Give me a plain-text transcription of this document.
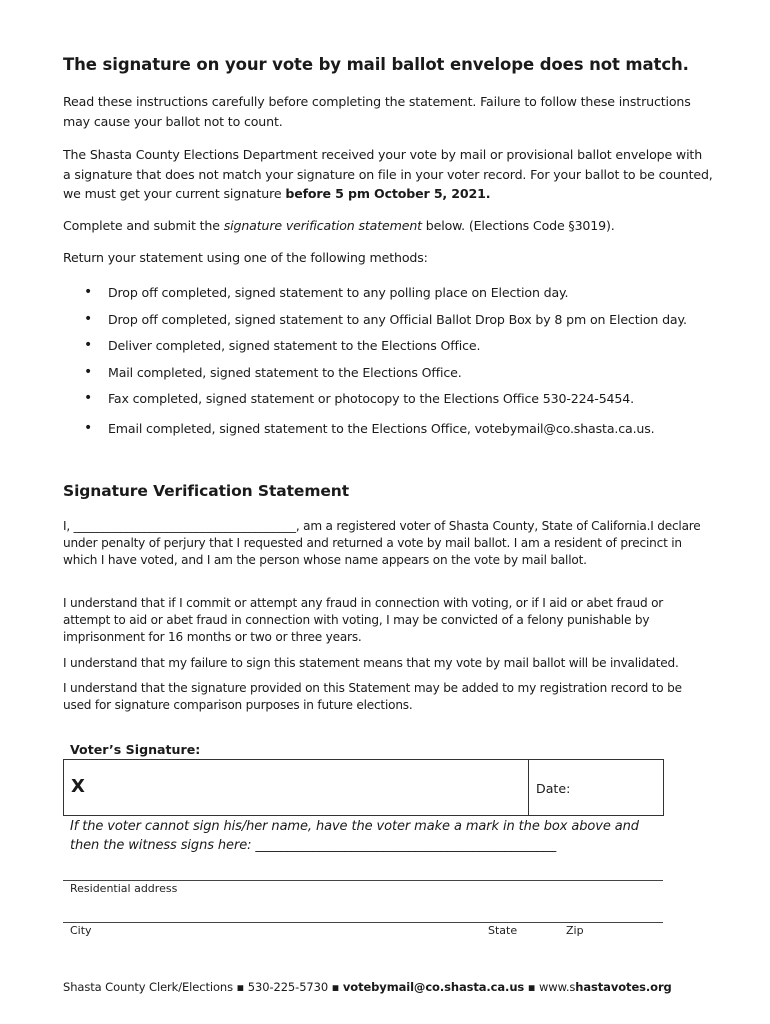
The signature on your vote by mail ballot envelope does not match.
Read these instructions carefully before completing the statement. Failure to follow these instructions may cause your ballot not to count.
The Shasta County Elections Department received your vote by mail or provisional ballot envelope with a signature that does not match your signature on file in your voter record. For your ballot to be counted, we must get your current signature before 5 pm October 5, 2021.
Complete and submit the signature verification statement below. (Elections Code §3019).
Return your statement using one of the following methods:
• Drop off completed, signed statement to any polling place on Election day.
• Drop off completed, signed statement to any Official Ballot Drop Box by 8 pm on Election day.
• Deliver completed, signed statement to the Elections Office.
• Mail completed, signed statement to the Elections Office.
• Fax completed, signed statement or photocopy to the Elections Office 530-224-5454.
• Email completed, signed statement to the Elections Office, votebymail@co.shasta.ca.us.
Signature Verification Statement
I, ______________________________________, am a registered voter of Shasta County, State of California.I declare under penalty of perjury that I requested and returned a vote by mail ballot. I am a resident of precinct in which I have voted, and I am the person whose name appears on the vote by mail ballot.
I understand that if I commit or attempt any fraud in connection with voting, or if I aid or abet fraud or attempt to aid or abet fraud in connection with voting, I may be convicted of a felony punishable by imprisonment for 16 months or two or three years.
I understand that my failure to sign this statement means that my vote by mail ballot will be invalidated.
I understand that the signature provided on this Statement may be added to my registration record to be used for signature comparison purposes in future elections.
Voter’s Signature:
X	Date:
If the voter cannot sign his/her name, have the voter make a mark in the box above and then the witness signs here: _______________________________________________
Residential address
City	State	Zip
Shasta County Clerk/Elections ▪ 530-225-5730 ▪ votebymail@co.shasta.ca.us ▪ www.shastavotes.org
